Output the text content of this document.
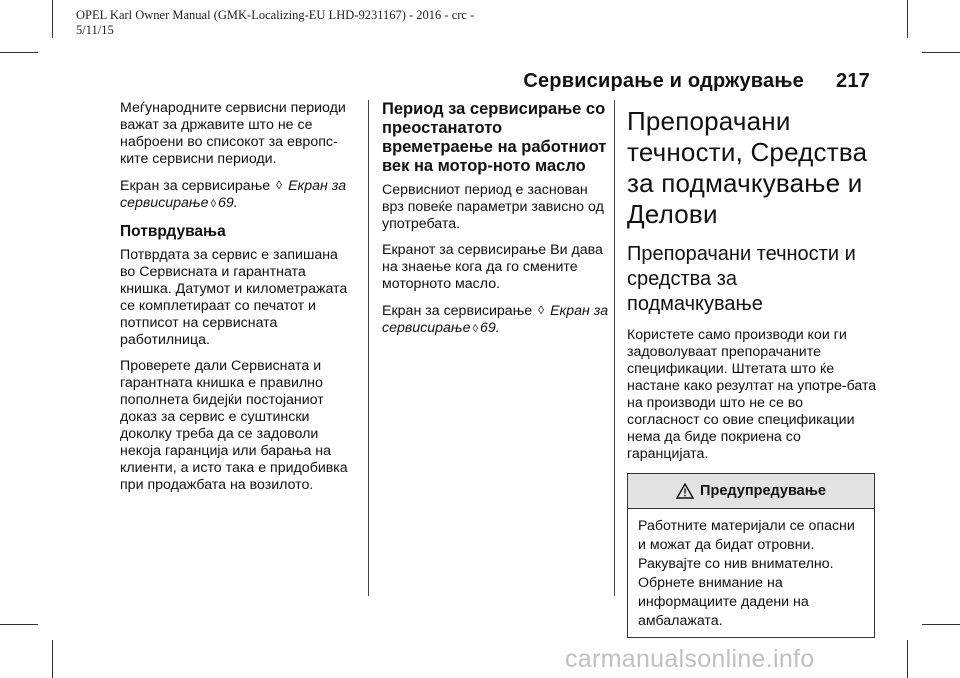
OPEL Karl Owner Manual (GMK-Localizing-EU LHD-9231167) - 2016 - crc -
5/11/15
Сервисирање и одржување 217

Меѓународните сервисни периоди важат за државите што не се наброени во списокот за европс-ките сервисни периоди.

Екран за сервисирање ◊ Екран за сервисирање ◊ 69.

Потврдувања

Потврдата за сервис е запишана во Сервисната и гарантната книшка. Датумот и километражата се комплетираат со печатот и потписот на сервисната работилница.

Проверете дали Сервисната и гарантната книшка е правилно пополнета бидејќи постојаниот доказ за сервис е суштински доколку треба да се задоволи некоја гаранција или барања на клиенти, а исто така е придобивка при продажбата на возилото.

Период за сервисирање со преостанатото времетраење на работниот век на мотор-ното масло

Сервисниот период е заснован врз повеќе параметри зависно од употребата.

Екранот за сервисирање Ви дава на знаење кога да го смените моторното масло.

Екран за сервисирање ◊ Екран за сервисирање ◊ 69.

Препорачани
течности, Средства
за подмачкување и
Делови
Препорачани течности и
средства за
подмачкување

Користете само производи кои ги задоволуваат препорачаните спецификации. Штетата што ќе настане како резултат на употре-бата на производи што не се во согласност со овие спецификации нема да биде покриена со гаранцијата.

Предупредување
Работните материјали се опасни и можат да бидат отровни. Ракувајте со нив внимателно. Обрнете внимание на информациите дадени на амбалажата.
carmanualsonline.info
